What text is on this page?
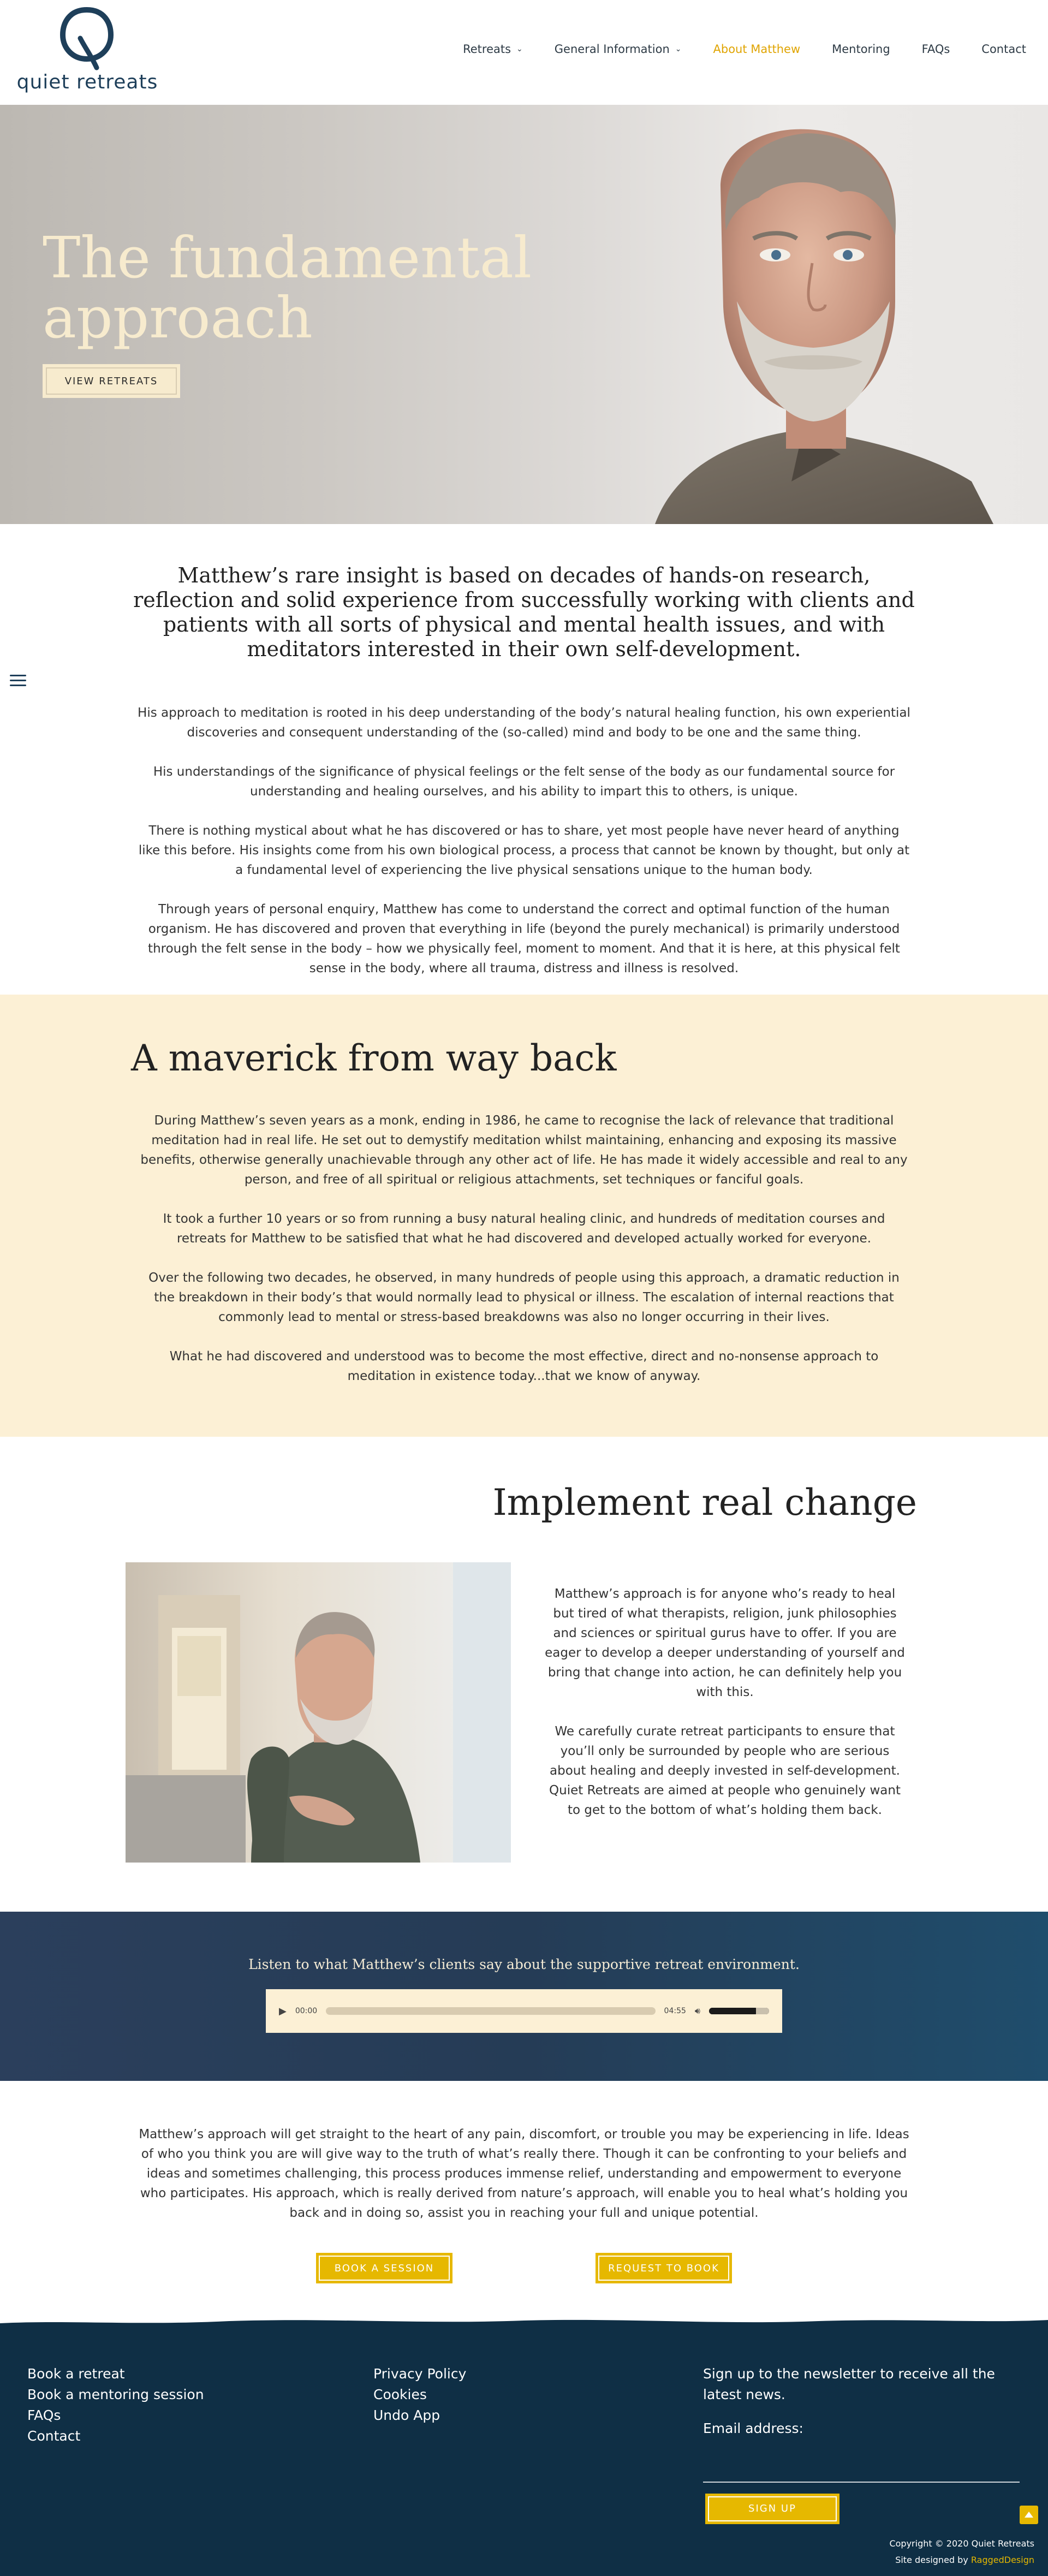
quiet retreats
Retreats ⌄	General Information ⌄	About Matthew	Mentoring	FAQs	Contact
The fundamental
approach
VIEW RETREATS

Matthew’s rare insight is based on decades of hands-on research, reflection and solid experience from successfully working with clients and patients with all sorts of physical and mental health issues, and with meditators interested in their own self-development.

His approach to meditation is rooted in his deep understanding of the body’s natural healing function, his own experiential discoveries and consequent understanding of the (so-called) mind and body to be one and the same thing.

His understandings of the significance of physical feelings or the felt sense of the body as our fundamental source for understanding and healing ourselves, and his ability to impart this to others, is unique.

There is nothing mystical about what he has discovered or has to share, yet most people have never heard of anything like this before. His insights come from his own biological process, a process that cannot be known by thought, but only at a fundamental level of experiencing the live physical sensations unique to the human body.

Through years of personal enquiry, Matthew has come to understand the correct and optimal function of the human organism. He has discovered and proven that everything in life (beyond the purely mechanical) is primarily understood through the felt sense in the body – how we physically feel, moment to moment. And that it is here, at this physical felt sense in the body, where all trauma, distress and illness is resolved.

A maverick from way back

During Matthew’s seven years as a monk, ending in 1986, he came to recognise the lack of relevance that traditional meditation had in real life. He set out to demystify meditation whilst maintaining, enhancing and exposing its massive benefits, otherwise generally unachievable through any other act of life. He has made it widely accessible and real to any person, and free of all spiritual or religious attachments, set techniques or fanciful goals.

It took a further 10 years or so from running a busy natural healing clinic, and hundreds of meditation courses and retreats for Matthew to be satisfied that what he had discovered and developed actually worked for everyone.

Over the following two decades, he observed, in many hundreds of people using this approach, a dramatic reduction in the breakdown in their body’s that would normally lead to physical or illness. The escalation of internal reactions that commonly lead to mental or stress-based breakdowns was also no longer occurring in their lives.

What he had discovered and understood was to become the most effective, direct and no-nonsense approach to meditation in existence today...that we know of anyway.

Implement real change

Matthew’s approach is for anyone who’s ready to heal but tired of what therapists, religion, junk philosophies and sciences or spiritual gurus have to offer. If you are eager to develop a deeper understanding of yourself and bring that change into action, he can definitely help you with this.

We carefully curate retreat participants to ensure that you’ll only be surrounded by people who are serious about healing and deeply invested in self-development. Quiet Retreats are aimed at people who genuinely want to get to the bottom of what’s holding them back.

Listen to what Matthew’s clients say about the supportive retreat environment.
▶ 00:00	04:55 🔊︎

Matthew’s approach will get straight to the heart of any pain, discomfort, or trouble you may be experiencing in life. Ideas of who you think you are will give way to the truth of what’s really there. Though it can be confronting to your beliefs and ideas and sometimes challenging, this process produces immense relief, understanding and empowerment to everyone who participates. His approach, which is really derived from nature’s approach, will enable you to heal what’s holding you back and in doing so, assist you in reaching your full and unique potential.

BOOK A SESSION	REQUEST TO BOOK
Book a retreat
Book a mentoring session
FAQs
Contact
Privacy Policy
Cookies
Undo App
Sign up to the newsletter to receive all the latest news.
Email address:
SIGN UP
Copyright © 2020 Quiet Retreats
Site designed by RaggedDesign
